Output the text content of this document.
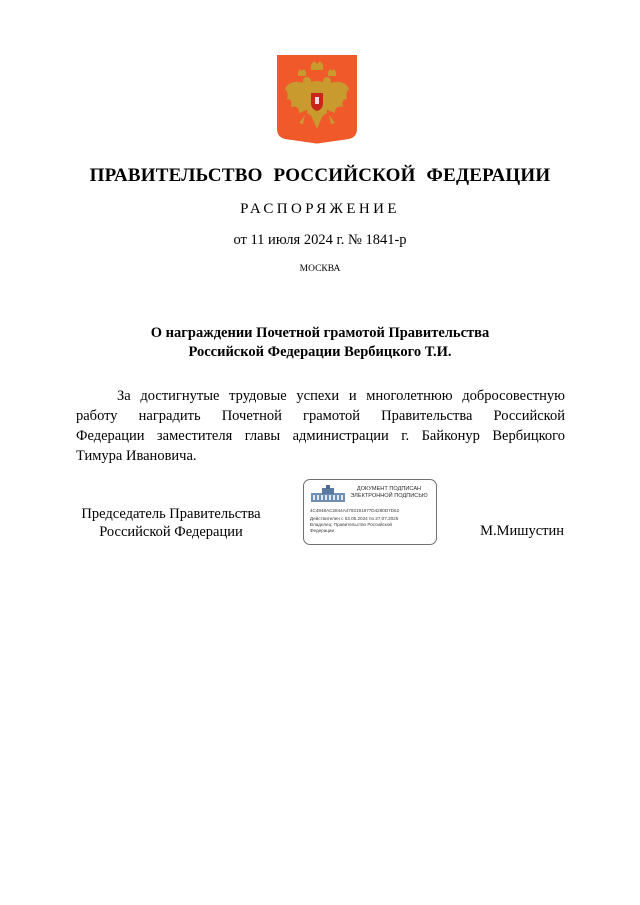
ПРАВИТЕЛЬСТВО РОССИЙСКОЙ ФЕДЕРАЦИИ
РАСПОРЯЖЕНИЕ
от 11 июля 2024 г. № 1841-р
МОСКВА
О награждении Почетной грамотой Правительства
Российской Федерации Вербицкого Т.И.
За достигнутые трудовые успехи и многолетнюю добросовестную
работу наградить Почетной грамотой Правительства Российской
Федерации заместителя главы администрации г. Байконур Вербицкого
Тимура Ивановича.
Председатель Правительства
Российской Федерации
ДОКУМЕНТ ПОДПИСАН
ЭЛЕКТРОННОЙ ПОДПИСЬЮ
4C4848AC2844A4793191877D4280D7D62
Действителен с 03.05.2024 по 27.07.2025
Владелец: Правительство Российской
Федерации	М.Мишустин
